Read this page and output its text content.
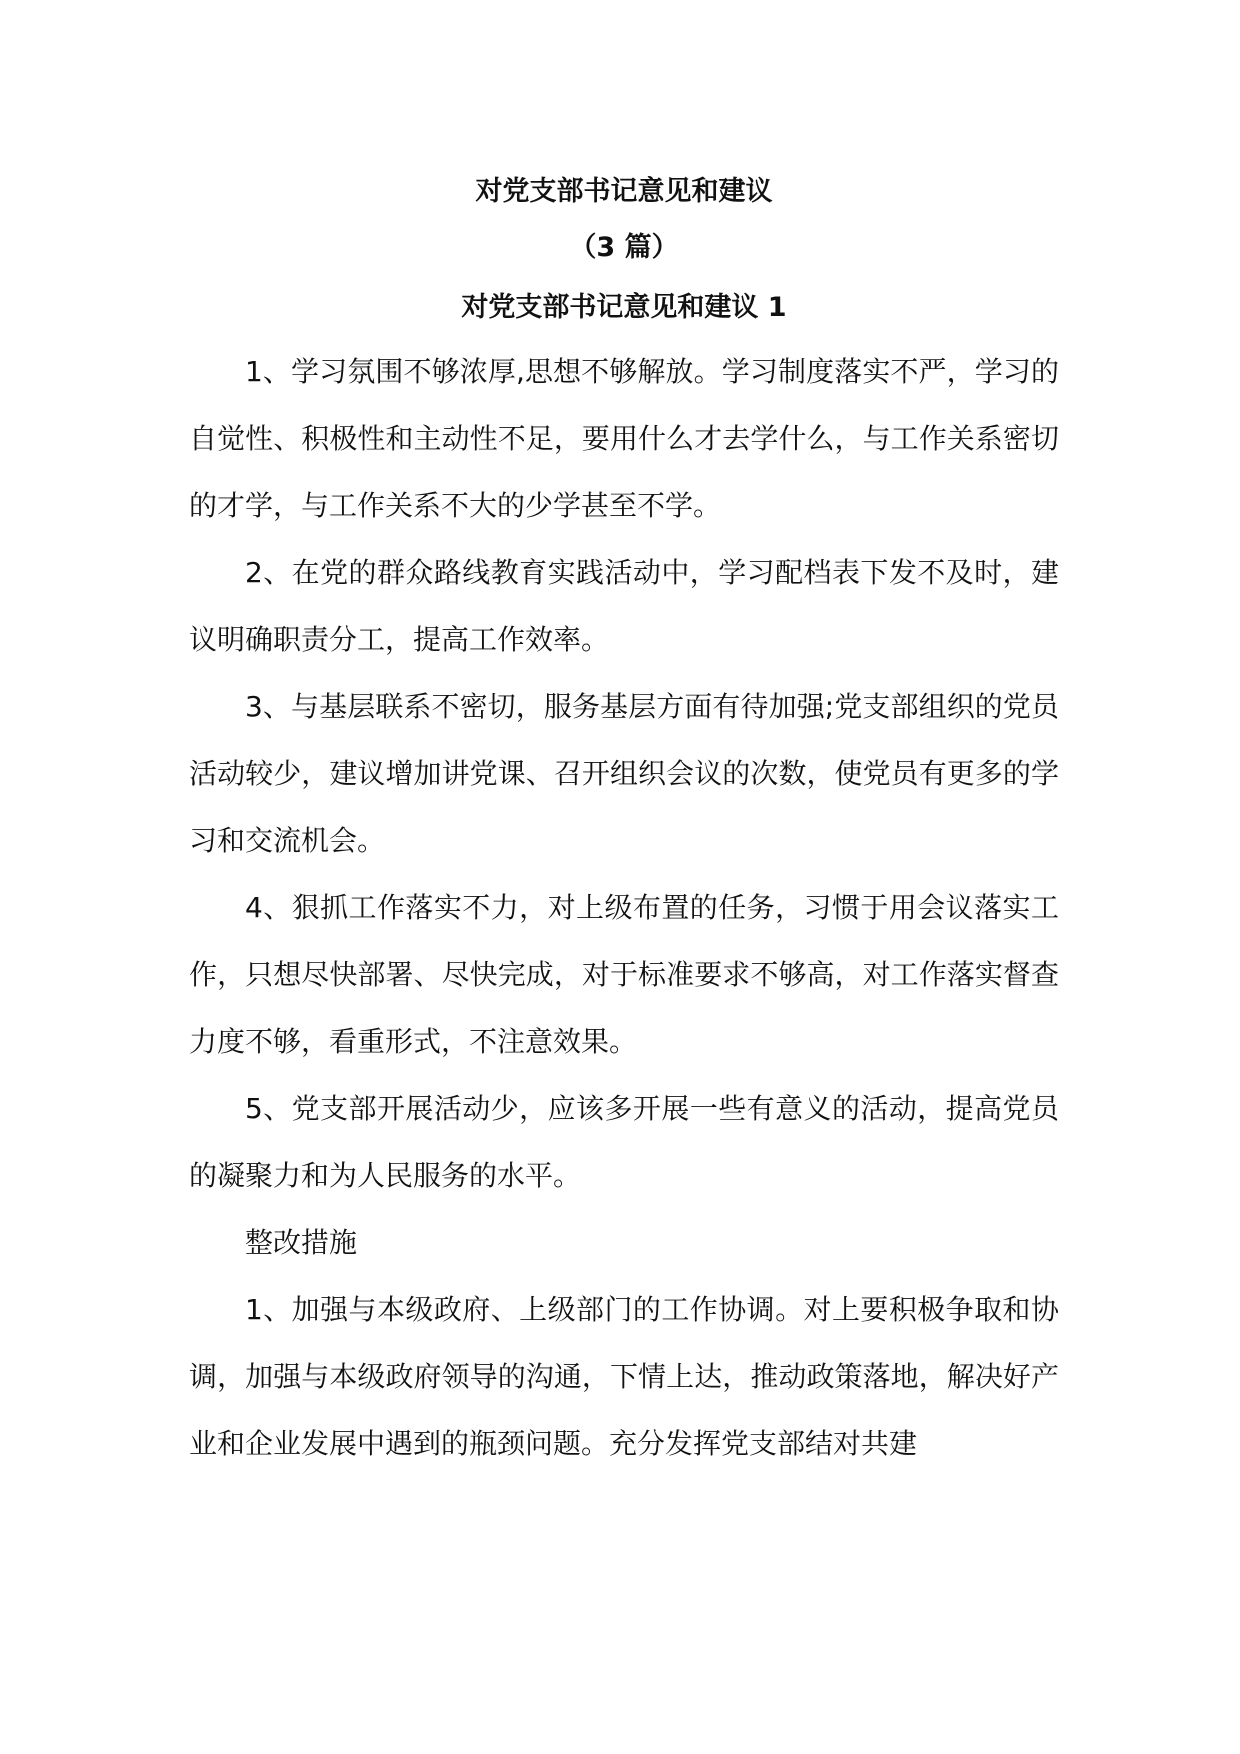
对党支部书记意见和建议

（3 篇）

对党支部书记意见和建议 1

1、学习氛围不够浓厚,思想不够解放。学习制度落实不严，学习的自觉性、积极性和主动性不足，要用什么才去学什么，与工作关系密切的才学，与工作关系不大的少学甚至不学。

2、在党的群众路线教育实践活动中，学习配档表下发不及时，建议明确职责分工，提高工作效率。

3、与基层联系不密切，服务基层方面有待加强;党支部组织的党员活动较少，建议增加讲党课、召开组织会议的次数，使党员有更多的学习和交流机会。

4、狠抓工作落实不力，对上级布置的任务，习惯于用会议落实工作，只想尽快部署、尽快完成，对于标准要求不够高，对工作落实督查力度不够，看重形式，不注意效果。

5、党支部开展活动少，应该多开展一些有意义的活动，提高党员的凝聚力和为人民服务的水平。

整改措施

1、加强与本级政府、上级部门的工作协调。对上要积极争取和协调，加强与本级政府领导的沟通，下情上达，推动政策落地，解决好产业和企业发展中遇到的瓶颈问题。充分发挥党支部结对共建
